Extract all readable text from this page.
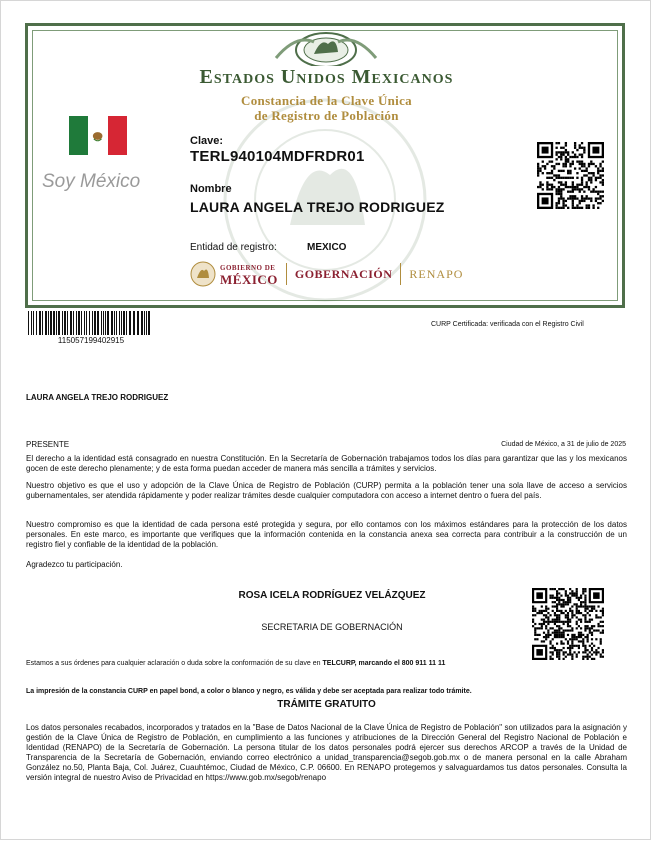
Estados Unidos Mexicanos
Constancia de la Clave Única
de Registro de Población
Soy México
Clave:
TERL940104MDFRDR01
Nombre
LAURA ANGELA TREJO RODRIGUEZ
Entidad de registro:	MEXICO
GOBIERNO DE
MÉXICO GOBERNACIÓN RENAPO
115057199402915
CURP Certificada: verificada con el Registro Civil
LAURA ANGELA TREJO RODRIGUEZ
PRESENTE	Ciudad de México, a 31 de julio de 2025
El derecho a la identidad está consagrado en nuestra Constitución. En la Secretaría de Gobernación trabajamos todos los días para garantizar que las y los mexicanos gocen de este derecho plenamente; y de esta forma puedan acceder de manera más sencilla a trámites y servicios.
Nuestro objetivo es que el uso y adopción de la Clave Única de Registro de Población (CURP) permita a la población tener una sola llave de acceso a servicios gubernamentales, ser atendida rápidamente y poder realizar trámites desde cualquier computadora con acceso a internet dentro o fuera del país.
Nuestro compromiso es que la identidad de cada persona esté protegida y segura, por ello contamos con los máximos estándares para la protección de los datos personales. En este marco, es importante que verifiques que la información contenida en la constancia anexa sea correcta para contribuir a la construcción de un registro fiel y confiable de la identidad de la población.
Agradezco tu participación.
ROSA ICELA RODRÍGUEZ VELÁZQUEZ
SECRETARIA DE GOBERNACIÓN
Estamos a sus órdenes para cualquier aclaración o duda sobre la conformación de su clave en TELCURP, marcando el 800 911 11 11
La impresión de la constancia CURP en papel bond, a color o blanco y negro, es válida y debe ser aceptada para realizar todo trámite.
TRÁMITE GRATUITO
Los datos personales recabados, incorporados y tratados en la "Base de Datos Nacional de la Clave Única de Registro de Población" son utilizados para la asignación y gestión de la Clave Única de Registro de Población, en cumplimiento a las funciones y atribuciones de la Dirección General del Registro Nacional de Población e Identidad (RENAPO) de la Secretaría de Gobernación. La persona titular de los datos personales podrá ejercer sus derechos ARCOP a través de la Unidad de Transparencia de la Secretaría de Gobernación, enviando correo electrónico a unidad_transparencia@segob.gob.mx o de manera personal en la calle Abraham González no.50, Planta Baja, Col. Juárez, Cuauhtémoc, Ciudad de México, C.P. 06600. En RENAPO protegemos y salvaguardamos tus datos personales. Consulta la versión integral de nuestro Aviso de Privacidad en https://www.gob.mx/segob/renapo
